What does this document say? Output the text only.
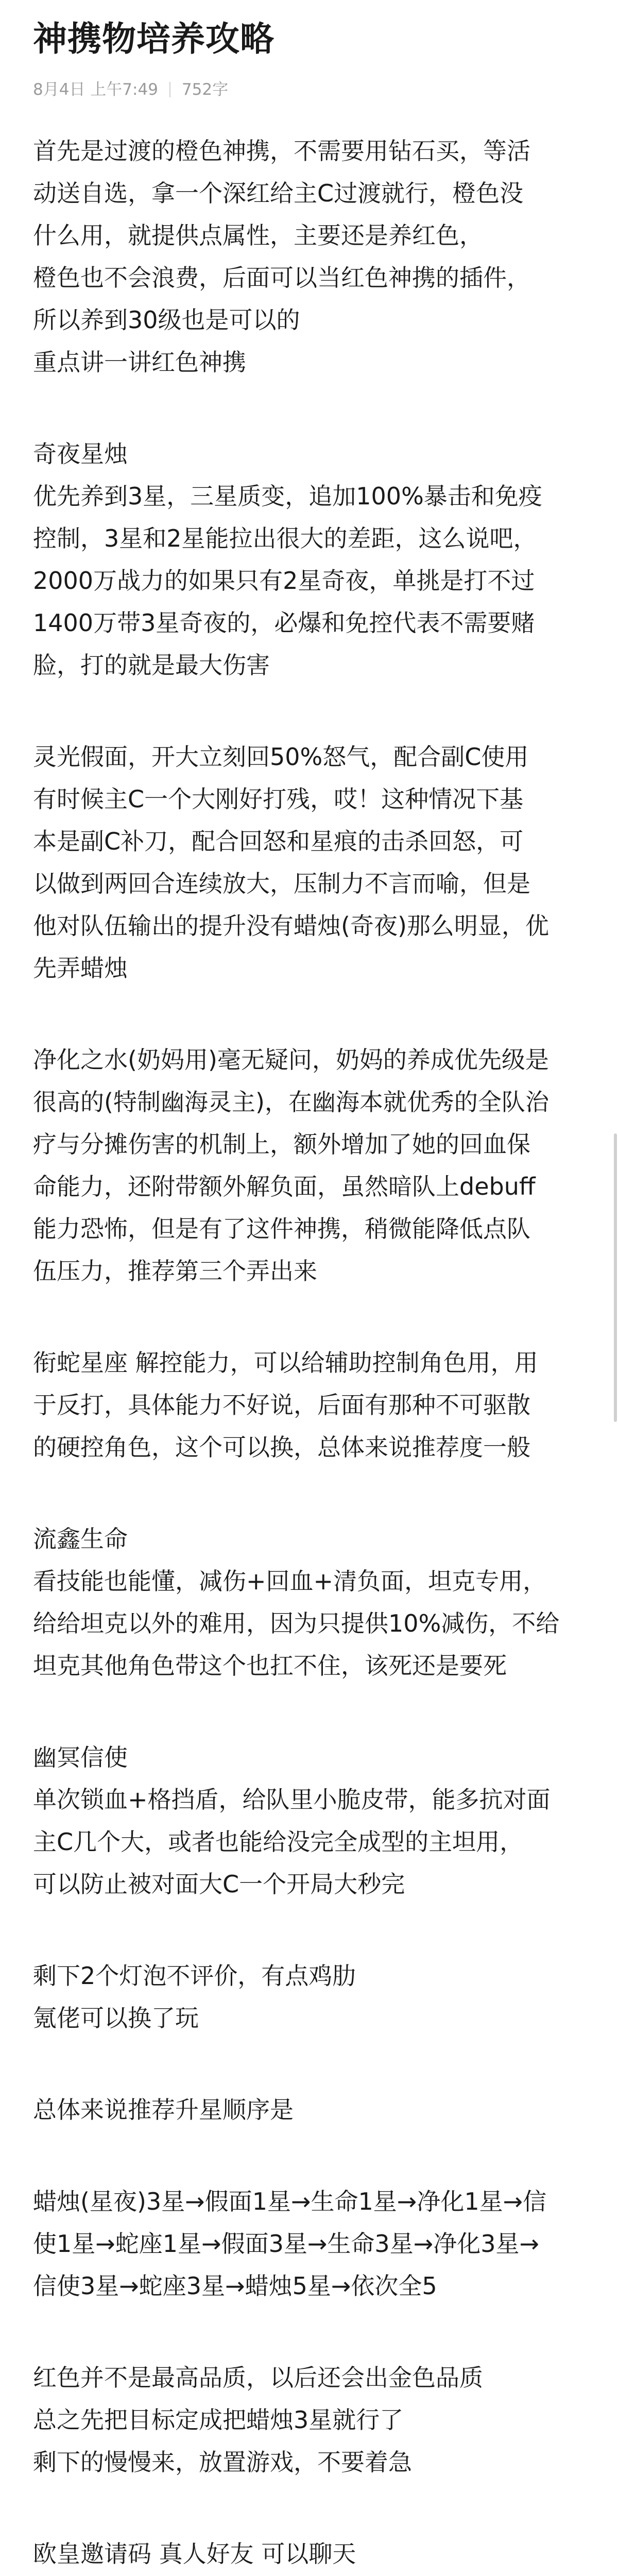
神携物培养攻略
8月4日 上午7:49 752字
首先是过渡的橙色神携，不需要用钻石买，等活
动送自选，拿一个深红给主C过渡就行，橙色没
什么用，就提供点属性，主要还是养红色，
橙色也不会浪费，后面可以当红色神携的插件，
所以养到30级也是可以的
重点讲一讲红色神携
奇夜星烛
优先养到3星，三星质变，追加100%暴击和免疫
控制，3星和2星能拉出很大的差距，这么说吧，
2000万战力的如果只有2星奇夜，单挑是打不过
1400万带3星奇夜的，必爆和免控代表不需要赌
脸，打的就是最大伤害
灵光假面，开大立刻回50%怒气，配合副C使用
有时候主C一个大刚好打残，哎！这种情况下基
本是副C补刀，配合回怒和星痕的击杀回怒，可
以做到两回合连续放大，压制力不言而喻，但是
他对队伍输出的提升没有蜡烛(奇夜)那么明显，优
先弄蜡烛
净化之水(奶妈用)毫无疑问，奶妈的养成优先级是
很高的(特制幽海灵主)，在幽海本就优秀的全队治
疗与分摊伤害的机制上，额外增加了她的回血保
命能力，还附带额外解负面，虽然暗队上debuff
能力恐怖，但是有了这件神携，稍微能降低点队
伍压力，推荐第三个弄出来
衔蛇星座 解控能力，可以给辅助控制角色用，用
于反打，具体能力不好说，后面有那种不可驱散
的硬控角色，这个可以换，总体来说推荐度一般
流鑫生命
看技能也能懂，减伤+回血+清负面，坦克专用，
给给坦克以外的难用，因为只提供10%减伤，不给
坦克其他角色带这个也扛不住，该死还是要死
幽冥信使
单次锁血+格挡盾，给队里小脆皮带，能多抗对面
主C几个大，或者也能给没完全成型的主坦用，
可以防止被对面大C一个开局大秒完
剩下2个灯泡不评价，有点鸡肋
氪佬可以换了玩
总体来说推荐升星顺序是
蜡烛(星夜)3星→假面1星→生命1星→净化1星→信
使1星→蛇座1星→假面3星→生命3星→净化3星→
信使3星→蛇座3星→蜡烛5星→依次全5
红色并不是最高品质，以后还会出金色品质
总之先把目标定成把蜡烛3星就行了
剩下的慢慢来，放置游戏，不要着急
欧皇邀请码 真人好友 可以聊天
